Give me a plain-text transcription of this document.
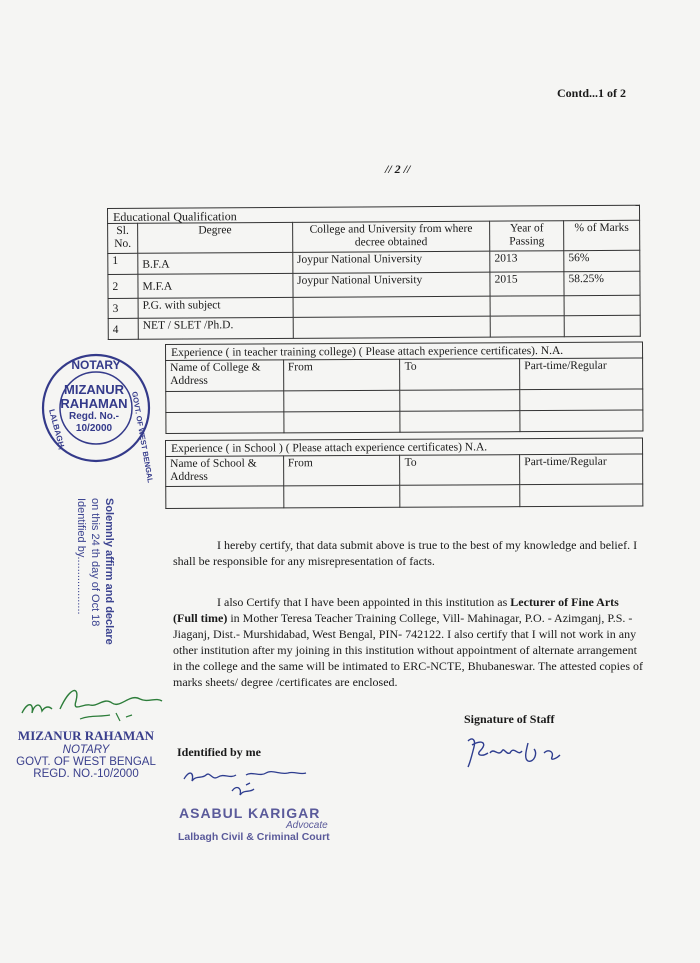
Contd...1 of 2
// 2 //
Educational Qualification
Sl. No.	Degree	College and University from where decree obtained	Year of Passing	% of Marks
1	B.F.A	Joypur National University	2013	56%
2	M.F.A	Joypur National University	2015	58.25%
3	P.G. with subject			
4	NET / SLET /Ph.D.			
Experience ( in teacher training college) ( Please attach experience certificates). N.A.
Name of College & Address	From	To	Part-time/Regular

Experience ( in School ) ( Please attach experience certificates) N.A.
Name of School & Address	From	To	Part-time/Regular

I hereby certify, that data submit above is true to the best of my knowledge and belief. I shall be responsible for any misrepresentation of facts.
I also Certify that I have been appointed in this institution as Lecturer of Fine Arts (Full time) in Mother Teresa Teacher Training College, Vill- Mahinagar, P.O. - Azimganj, P.S. - Jiaganj, Dist.- Murshidabad, West Bengal, PIN- 742122. I also certify that I will not work in any other institution after my joining in this institution without appointment of alternate arrangement in the college and the same will be intimated to ERC-NCTE, Bhubaneswar. The attested copies of marks sheets/ degree /certificates are enclosed.
Signature of Staff
Identified by me
NOTARY
LALBAGH,	GOVT. OF WEST BENGAL
MIZANUR
RAHAMAN
Regd. No.-
10/2000
Solemnly affirm and declare
on this 24 th day of Oct 18
Identified by...................
MIZANUR RAHAMAN
NOTARY
GOVT. OF WEST BENGAL
REGD. NO.-10/2000
ASABUL KARIGAR
Advocate
Lalbagh Civil & Criminal Court
